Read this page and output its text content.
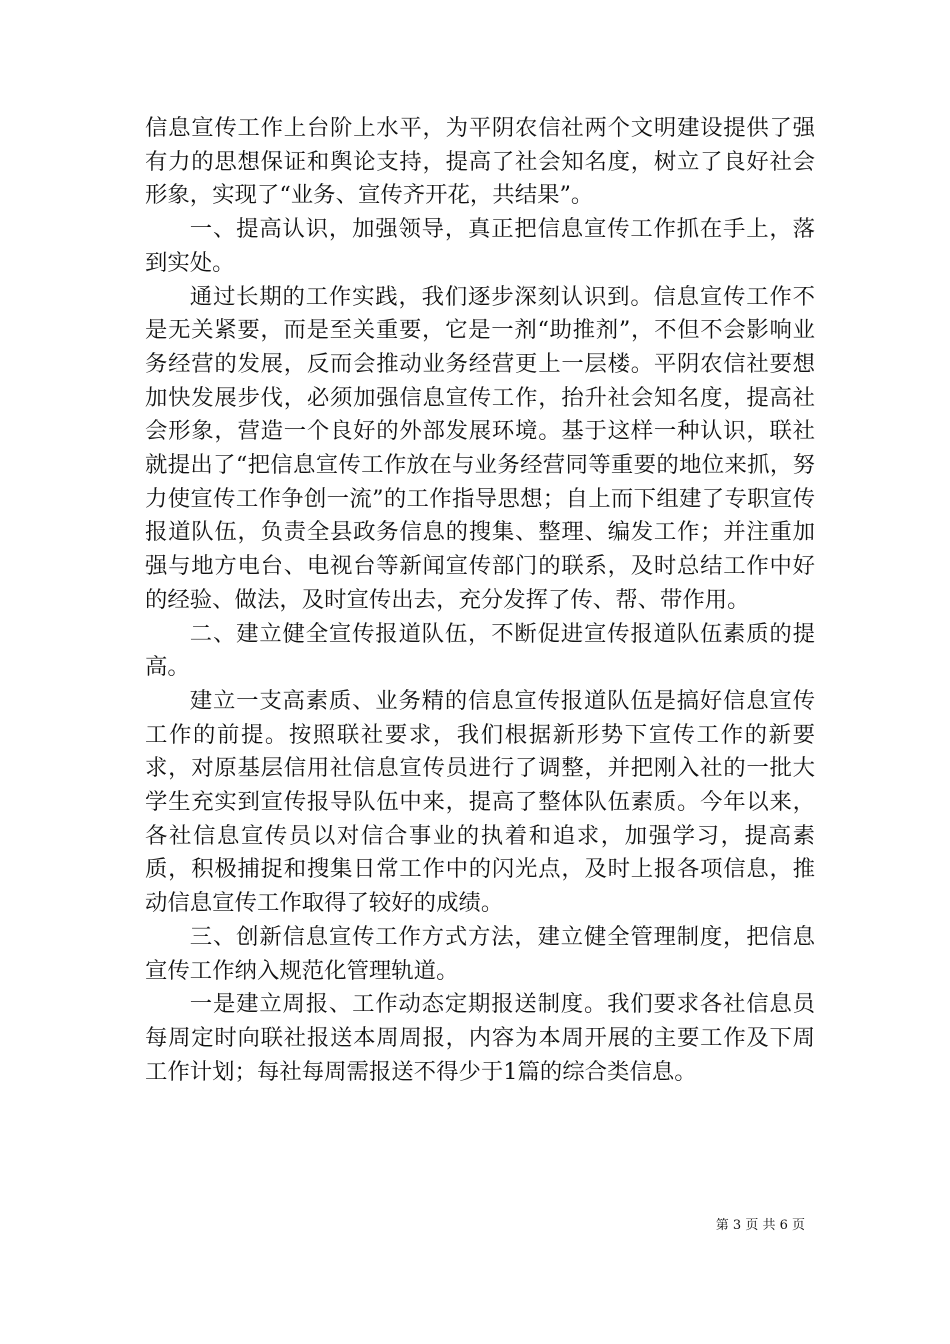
信息宣传工作上台阶上水平，为平阴农信社两个文明建设提供了强有力的思想保证和舆论支持，提高了社会知名度，树立了良好社会形象，实现了“业务、宣传齐开花，共结果”。

一、提高认识，加强领导，真正把信息宣传工作抓在手上，落到实处。

通过长期的工作实践，我们逐步深刻认识到。信息宣传工作不是无关紧要，而是至关重要，它是一剂“助推剂”，不但不会影响业务经营的发展，反而会推动业务经营更上一层楼。平阴农信社要想加快发展步伐，必须加强信息宣传工作，抬升社会知名度，提高社会形象，营造一个良好的外部发展环境。基于这样一种认识，联社就提出了“把信息宣传工作放在与业务经营同等重要的地位来抓，努力使宣传工作争创一流”的工作指导思想；自上而下组建了专职宣传报道队伍，负责全县政务信息的搜集、整理、编发工作；并注重加强与地方电台、电视台等新闻宣传部门的联系，及时总结工作中好的经验、做法，及时宣传出去，充分发挥了传、帮、带作用。

二、建立健全宣传报道队伍，不断促进宣传报道队伍素质的提高。

建立一支高素质、业务精的信息宣传报道队伍是搞好信息宣传工作的前提。按照联社要求，我们根据新形势下宣传工作的新要求，对原基层信用社信息宣传员进行了调整，并把刚入社的一批大学生充实到宣传报导队伍中来，提高了整体队伍素质。今年以来，各社信息宣传员以对信合事业的执着和追求，加强学习，提高素质，积极捕捉和搜集日常工作中的闪光点，及时上报各项信息，推动信息宣传工作取得了较好的成绩。

三、创新信息宣传工作方式方法，建立健全管理制度，把信息宣传工作纳入规范化管理轨道。

一是建立周报、工作动态定期报送制度。我们要求各社信息员每周定时向联社报送本周周报，内容为本周开展的主要工作及下周工作计划；每社每周需报送不得少于1篇的综合类信息。

第 3 页 共 6 页
